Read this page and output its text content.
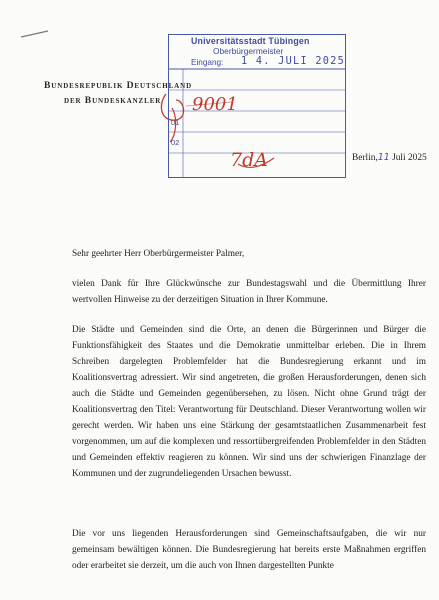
Bundesrepublik Deutschland
der Bundeskanzler
Universitätsstadt Tübingen
Oberbürgermeister
Eingang: 1 4. JULI 2025
01
02
9001
7dA	Berlin,11 Juli 2025
Sehr geehrter Herr Oberbürgermeister Palmer,
vielen Dank für Ihre Glückwünsche zur Bundestagswahl und die Übermittlung Ihrer wertvollen Hinweise zu der derzeitigen Situation in Ihrer Kommune.
Die Städte und Gemeinden sind die Orte, an denen die Bürgerinnen und Bürger die Funktionsfähigkeit des Staates und die Demokratie unmittelbar erleben. Die in Ihrem Schreiben dargelegten Problemfelder hat die Bundesregierung erkannt und im Koalitionsvertrag adressiert. Wir sind angetreten, die großen Herausforderungen, denen sich auch die Städte und Gemeinden gegenübersehen, zu lösen. Nicht ohne Grund trägt der Koalitionsvertrag den Titel: Verantwortung für Deutschland. Dieser Verantwortung wollen wir gerecht werden. Wir haben uns eine Stärkung der gesamtstaatlichen Zusammenarbeit fest vorgenommen, um auf die komplexen und ressortübergreifenden Problemfelder in den Städten und Gemeinden effektiv reagieren zu können. Wir sind uns der schwierigen Finanzlage der Kommunen und der zugrundeliegenden Ursachen bewusst.
Die vor uns liegenden Herausforderungen sind Gemeinschaftsaufgaben, die wir nur gemeinsam bewältigen können. Die Bundesregierung hat bereits erste Maßnahmen ergriffen oder erarbeitet sie derzeit, um die auch von Ihnen dargestellten Punkte
